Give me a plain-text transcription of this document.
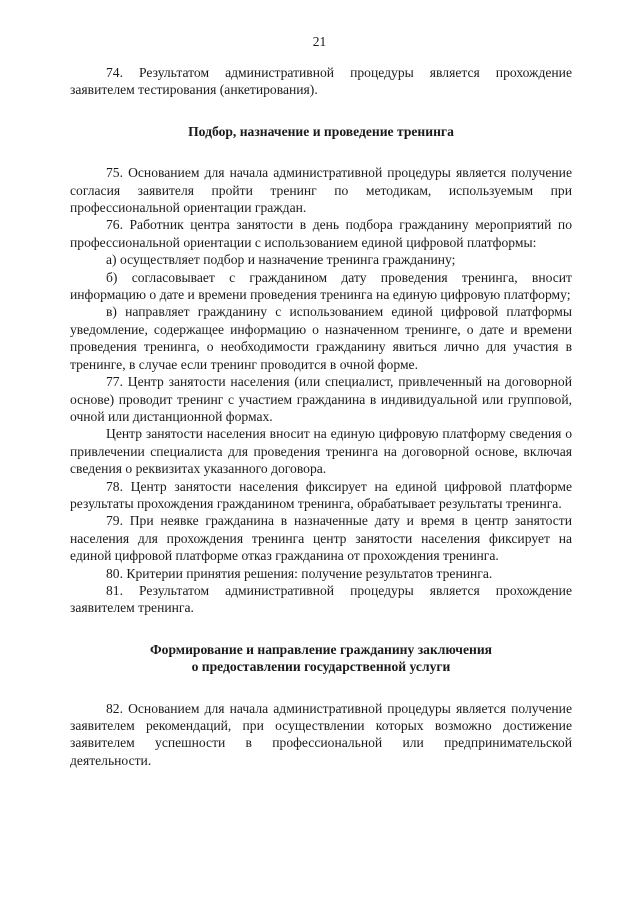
21

74. Результатом административной процедуры является прохождение заявителем тестирования (анкетирования).

Подбор, назначение и проведение тренинга

75. Основанием для начала административной процедуры является получение согласия заявителя пройти тренинг по методикам, используемым при профессиональной ориентации граждан.

76. Работник центра занятости в день подбора гражданину мероприятий по профессиональной ориентации с использованием единой цифровой платформы:

а) осуществляет подбор и назначение тренинга гражданину;

б) согласовывает с гражданином дату проведения тренинга, вносит информацию о дате и времени проведения тренинга на единую цифровую платформу;

в) направляет гражданину с использованием единой цифровой платформы уведомление, содержащее информацию о назначенном тренинге, о дате и времени проведения тренинга, о необходимости гражданину явиться лично для участия в тренинге, в случае если тренинг проводится в очной форме.

77. Центр занятости населения (или специалист, привлеченный на договорной основе) проводит тренинг с участием гражданина в индивидуальной или групповой, очной или дистанционной формах.

Центр занятости населения вносит на единую цифровую платформу сведения о привлечении специалиста для проведения тренинга на договорной основе, включая сведения о реквизитах указанного договора.

78. Центр занятости населения фиксирует на единой цифровой платформе результаты прохождения гражданином тренинга, обрабатывает результаты тренинга.

79. При неявке гражданина в назначенные дату и время в центр занятости населения для прохождения тренинга центр занятости населения фиксирует на единой цифровой платформе отказ гражданина от прохождения тренинга.

80. Критерии принятия решения: получение результатов тренинга.

81. Результатом административной процедуры является прохождение заявителем тренинга.

Формирование и направление гражданину заключения
о предоставлении государственной услуги

82. Основанием для начала административной процедуры является получение заявителем рекомендаций, при осуществлении которых возможно достижение заявителем успешности в профессиональной или предпринимательской деятельности.
